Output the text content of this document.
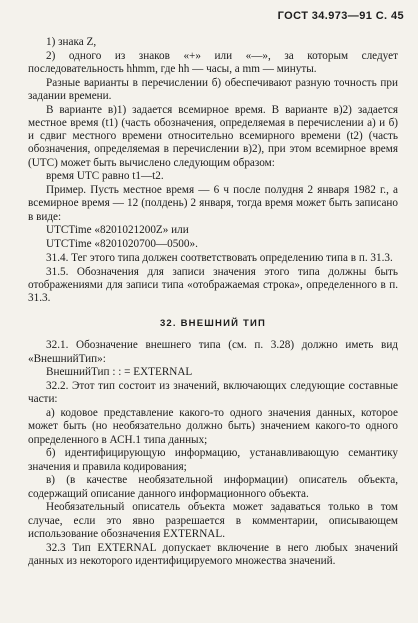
ГОСТ 34.973—91 С. 45

1) знака Z,

2) одного из знаков «+» или «—», за которым следует последовательность hhmm, где hh — часы, а mm — минуты.

Разные варианты в перечислении б) обеспечивают разную точность при задании времени.

В варианте в)1) задается всемирное время. В варианте в)2) задается местное время (t1) (часть обозначения, определяемая в перечислении а) и б) и сдвиг местного времени относительно всемирного времени (t2) (часть обозначения, определяемая в перечислении в)2), при этом всемирное время (UTC) может быть вычислено следующим образом:

время UTC равно t1—t2.

Пример. Пусть местное время — 6 ч после полудня 2 января 1982 г., а всемирное время — 12 (полдень) 2 января, тогда время может быть записано в виде:

UTCTime «8201021200Z» или

UTCTime «8201020700—0500».

31.4. Тег этого типа должен соответствовать определению типа в п. 31.3.

31.5. Обозначения для записи значения этого типа должны быть отображениями для записи типа «отображаемая строка», определенного в п. 31.3.

32. ВНЕШНИЙ ТИП

32.1. Обозначение внешнего типа (см. п. 3.28) должно иметь вид «ВнешнийТип»:

ВнешнийТип : : = EXTERNAL

32.2. Этот тип состоит из значений, включающих следующие составные части:

а) кодовое представление какого-то одного значения данных, которое может быть (но необязательно должно быть) значением какого-то одного определенного в АСН.1 типа данных;

б) идентифицирующую информацию, устанавливающую семантику значения и правила кодирования;

в) (в качестве необязательной информации) описатель объекта, содержащий описание данного информационного объекта.

Необязательный описатель объекта может задаваться только в том случае, если это явно разрешается в комментарии, описывающем использование обозначения EXTERNAL.

32.3 Тип EXTERNAL допускает включение в него любых значений данных из некоторого идентифицируемого множества значений.
